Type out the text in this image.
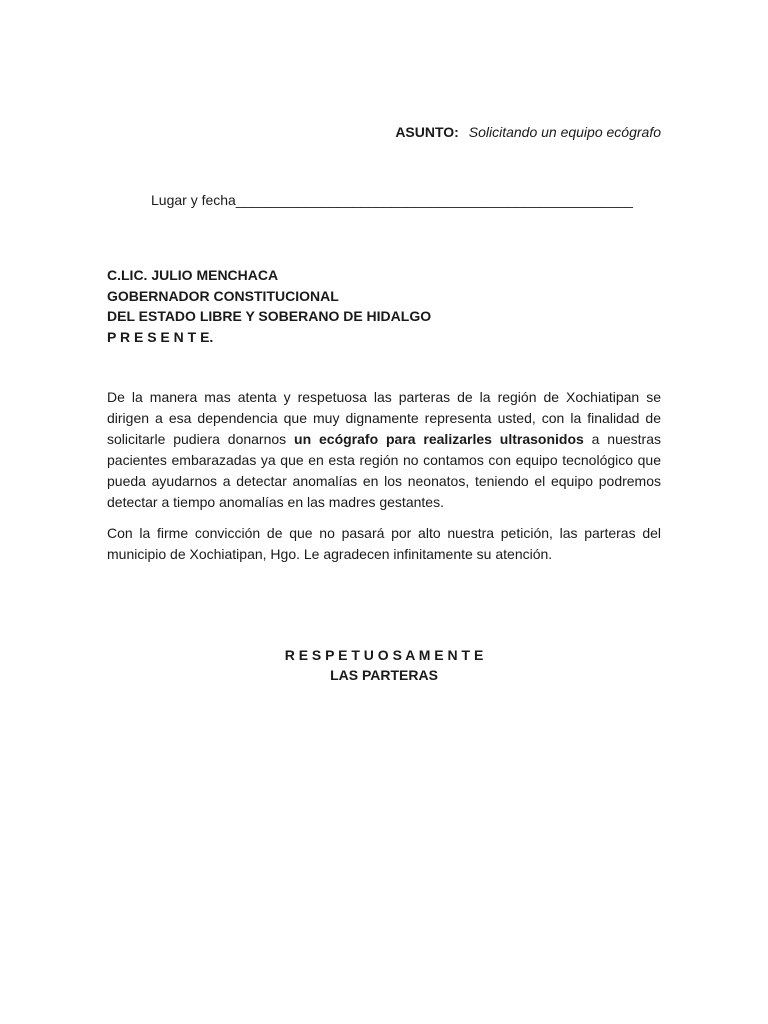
ASUNTO: Solicitando un equipo ecógrafo
Lugar y fecha___________________________________________________
C.LIC. JULIO MENCHACA
GOBERNADOR CONSTITUCIONAL
DEL ESTADO LIBRE Y SOBERANO DE HIDALGO
P R E S E N T E.

De la manera mas atenta y respetuosa las parteras de la región de Xochiatipan se dirigen a esa dependencia que muy dignamente representa usted, con la finalidad de solicitarle pudiera donarnos un ecógrafo para realizarles ultrasonidos a nuestras pacientes embarazadas ya que en esta región no contamos con equipo tecnológico que pueda ayudarnos a detectar anomalías en los neonatos, teniendo el equipo podremos detectar a tiempo anomalías en las madres gestantes.

Con la firme convicción de que no pasará por alto nuestra petición, las parteras del municipio de Xochiatipan, Hgo. Le agradecen infinitamente su atención.

R E S P E T U O S A M E N T E
LAS PARTERAS
